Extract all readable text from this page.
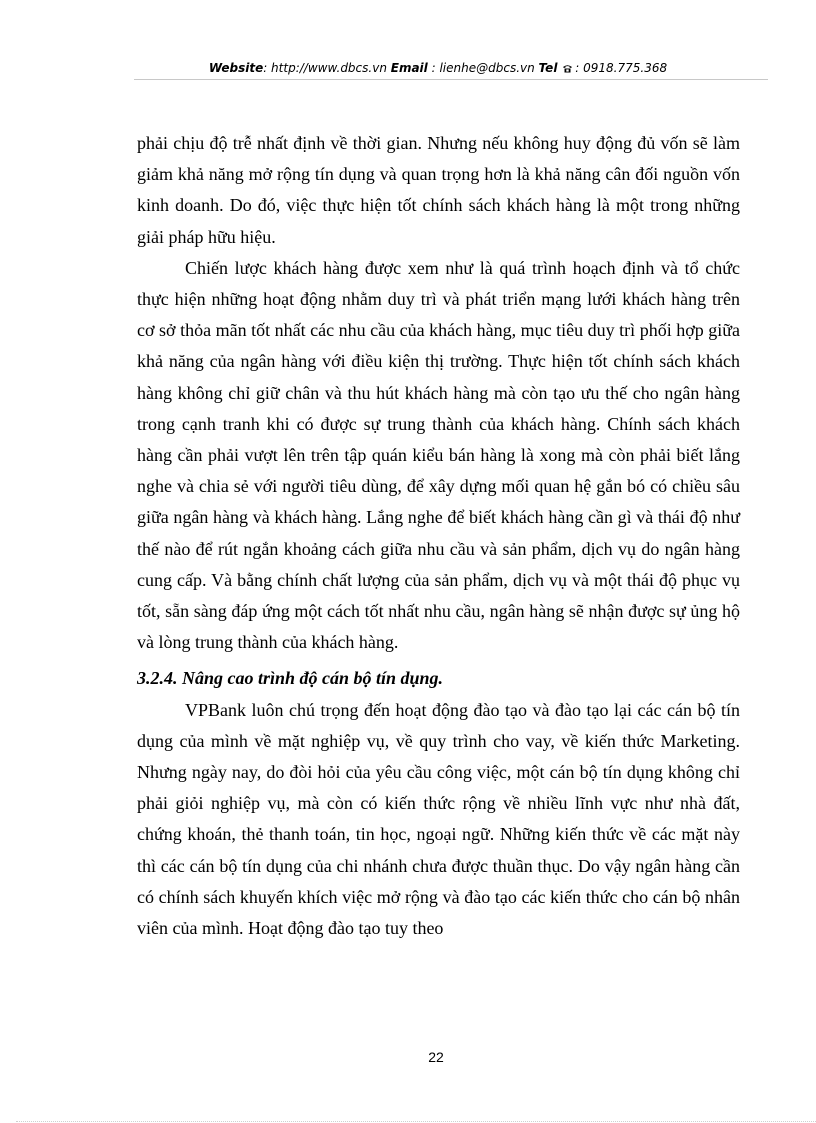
Website: http://www.dbcs.vn Email : lienhe@dbcs.vn Tel : 0918.775.368

phải chịu độ trễ nhất định về thời gian. Nhưng nếu không huy động đủ vốn sẽ làm giảm khả năng mở rộng tín dụng và quan trọng hơn là khả năng cân đối nguồn vốn kinh doanh. Do đó, việc thực hiện tốt chính sách khách hàng là một trong những giải pháp hữu hiệu.

Chiến lược khách hàng được xem như là quá trình hoạch định và tổ chức thực hiện những hoạt động nhằm duy trì và phát triển mạng lưới khách hàng trên cơ sở thỏa mãn tốt nhất các nhu cầu của khách hàng, mục tiêu duy trì phối hợp giữa khả năng của ngân hàng với điều kiện thị trường. Thực hiện tốt chính sách khách hàng không chỉ giữ chân và thu hút khách hàng mà còn tạo ưu thế cho ngân hàng trong cạnh tranh khi có được sự trung thành của khách hàng. Chính sách khách hàng cần phải vượt lên trên tập quán kiểu bán hàng là xong mà còn phải biết lắng nghe và chia sẻ với người tiêu dùng, để xây dựng mối quan hệ gắn bó có chiều sâu giữa ngân hàng và khách hàng. Lắng nghe để biết khách hàng cần gì và thái độ như thế nào để rút ngắn khoảng cách giữa nhu cầu và sản phẩm, dịch vụ do ngân hàng cung cấp. Và bằng chính chất lượng của sản phẩm, dịch vụ và một thái độ phục vụ tốt, sẵn sàng đáp ứng một cách tốt nhất nhu cầu, ngân hàng sẽ nhận được sự ủng hộ và lòng trung thành của khách hàng.

3.2.4. Nâng cao trình độ cán bộ tín dụng.

VPBank luôn chú trọng đến hoạt động đào tạo và đào tạo lại các cán bộ tín dụng của mình về mặt nghiệp vụ, về quy trình cho vay, về kiến thức Marketing. Nhưng ngày nay, do đòi hỏi của yêu cầu công việc, một cán bộ tín dụng không chỉ phải giỏi nghiệp vụ, mà còn có kiến thức rộng về nhiều lĩnh vực như nhà đất, chứng khoán, thẻ thanh toán, tin học, ngoại ngữ. Những kiến thức về các mặt này thì các cán bộ tín dụng của chi nhánh chưa được thuần thục. Do vậy ngân hàng cần có chính sách khuyến khích việc mở rộng và đào tạo các kiến thức cho cán bộ nhân viên của mình. Hoạt động đào tạo tuy theo

22
